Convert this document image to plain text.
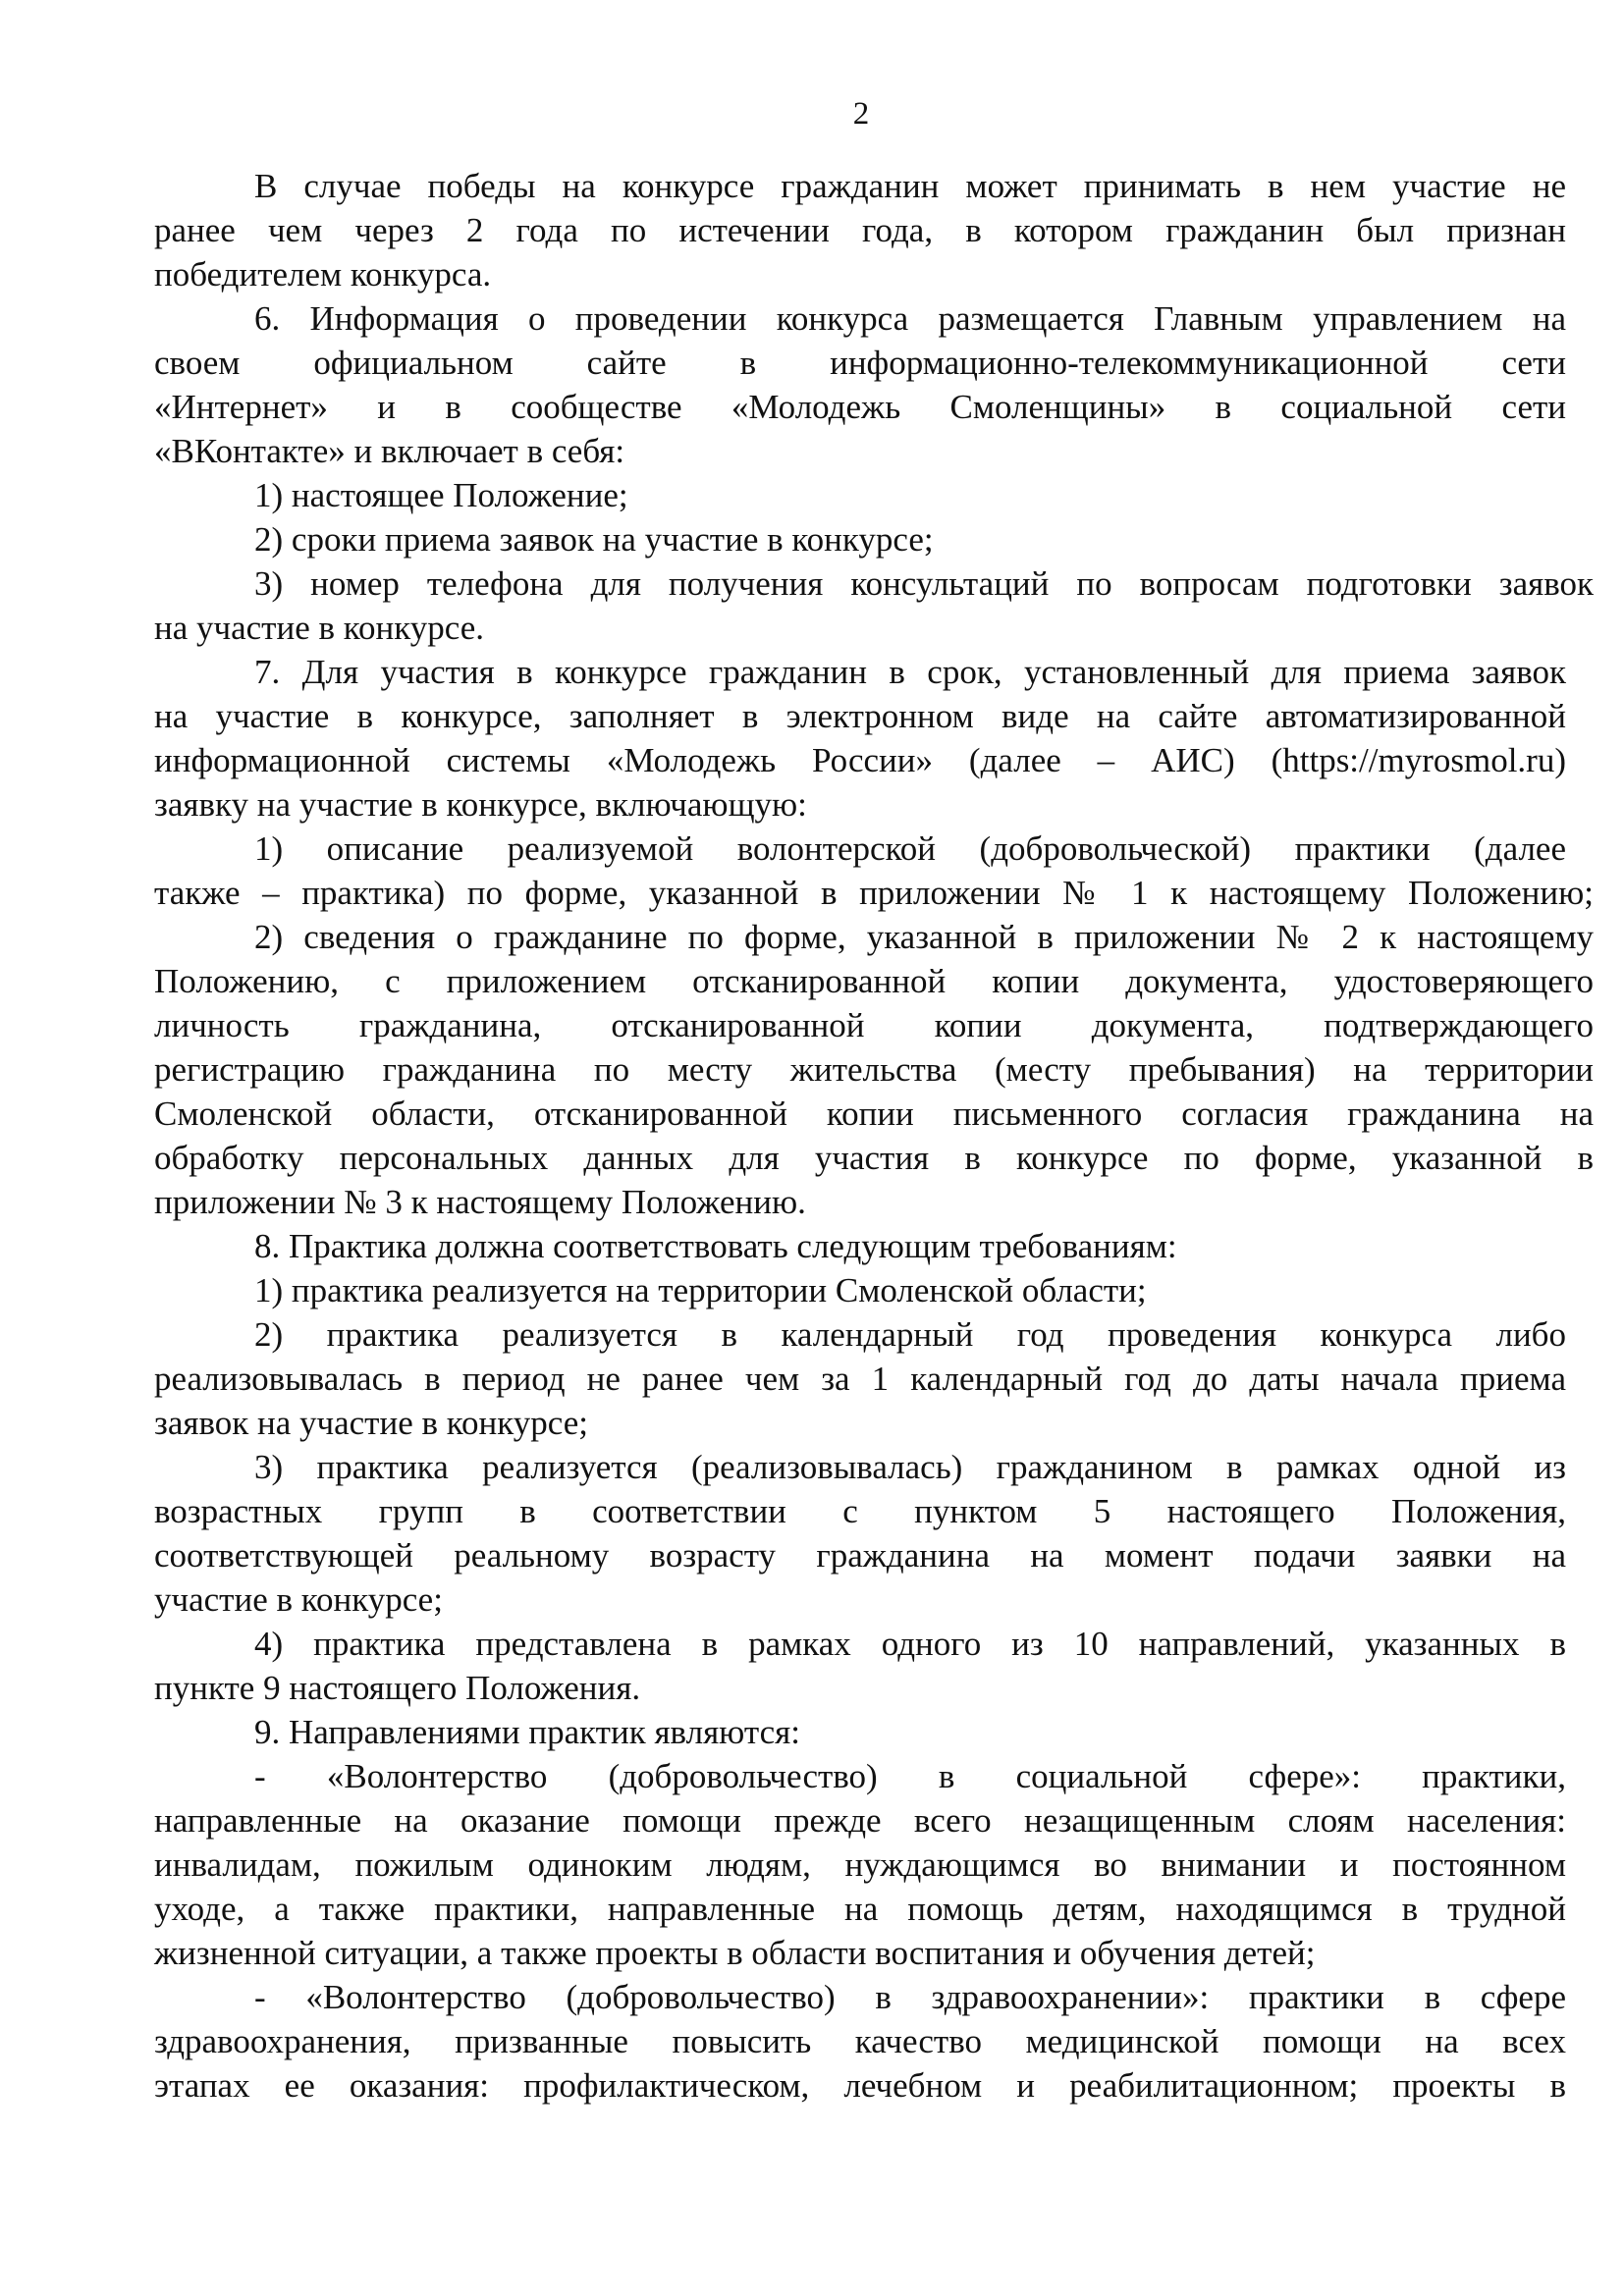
2
В случае победы на конкурсе гражданин может принимать в нем участие не
ранее чем через 2 года по истечении года, в котором гражданин был признан
победителем конкурса.
6. Информация о проведении конкурса размещается Главным управлением на
своем официальном сайте в информационно-телекоммуникационной сети
«Интернет» и в сообществе «Молодежь Смоленщины» в социальной сети
«ВКонтакте» и включает в себя:
1) настоящее Положение;
2) сроки приема заявок на участие в конкурсе;
3) номер телефона для получения консультаций по вопросам подготовки заявок
на участие в конкурсе.
7. Для участия в конкурсе гражданин в срок, установленный для приема заявок
на участие в конкурсе, заполняет в электронном виде на сайте автоматизированной
информационной системы «Молодежь России» (далее – АИС) (https://myrosmol.ru)
заявку на участие в конкурсе, включающую:
1) описание реализуемой волонтерской (добровольческой) практики (далее
также – практика) по форме, указанной в приложении № 1 к настоящему Положению;
2) сведения о гражданине по форме, указанной в приложении № 2 к настоящему
Положению, с приложением отсканированной копии документа, удостоверяющего
личность гражданина, отсканированной копии документа, подтверждающего
регистрацию гражданина по месту жительства (месту пребывания) на территории
Смоленской области, отсканированной копии письменного согласия гражданина на
обработку персональных данных для участия в конкурсе по форме, указанной в
приложении № 3 к настоящему Положению.
8. Практика должна соответствовать следующим требованиям:
1) практика реализуется на территории Смоленской области;
2) практика реализуется в календарный год проведения конкурса либо
реализовывалась в период не ранее чем за 1 календарный год до даты начала приема
заявок на участие в конкурсе;
3) практика реализуется (реализовывалась) гражданином в рамках одной из
возрастных групп в соответствии с пунктом 5 настоящего Положения,
соответствующей реальному возрасту гражданина на момент подачи заявки на
участие в конкурсе;
4) практика представлена в рамках одного из 10 направлений, указанных в
пункте 9 настоящего Положения.
9. Направлениями практик являются:
- «Волонтерство (добровольчество) в социальной сфере»: практики,
направленные на оказание помощи прежде всего незащищенным слоям населения:
инвалидам, пожилым одиноким людям, нуждающимся во внимании и постоянном
уходе, а также практики, направленные на помощь детям, находящимся в трудной
жизненной ситуации, а также проекты в области воспитания и обучения детей;
- «Волонтерство (добровольчество) в здравоохранении»: практики в сфере
здравоохранения, призванные повысить качество медицинской помощи на всех
этапах ее оказания: профилактическом, лечебном и реабилитационном; проекты в
